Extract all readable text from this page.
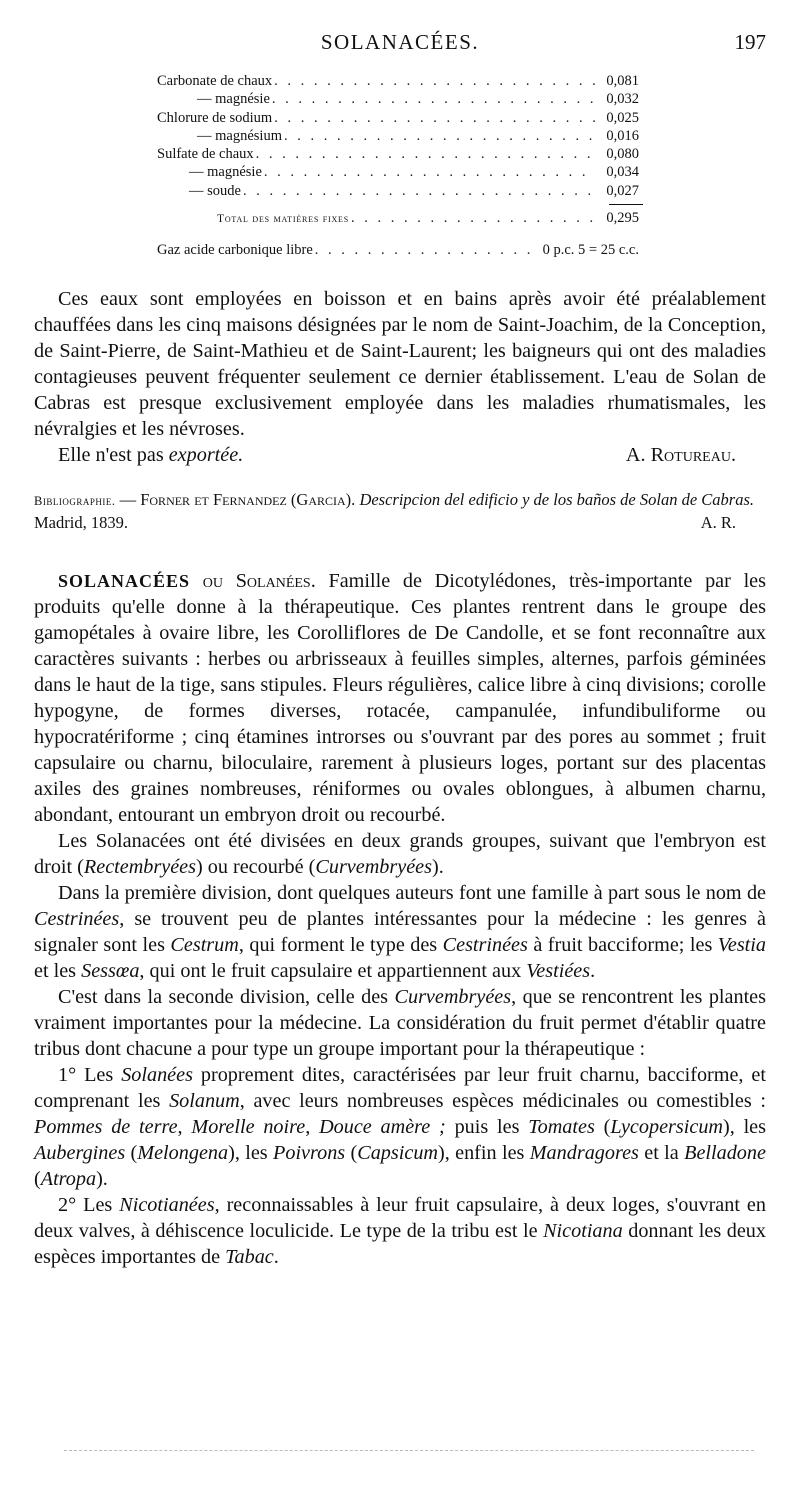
SOLANACÉES.	197
Carbonate de chaux . . .	0,081
— magnésie . . .	0,032
Chlorure de sodium . . .	0,025
— magnésium . . .	0,016
Sulfate de chaux . . .	0,080
— magnésie . . .	0,034
— soude . . .	0,027
Total des matières fixes . . .	0,295
Gaz acide carbonique libre . . .	0 p.c. 5 = 25 c.c.

Ces eaux sont employées en boisson et en bains après avoir été préalablement chauffées dans les cinq maisons désignées par le nom de Saint-Joachim, de la Conception, de Saint-Pierre, de Saint-Mathieu et de Saint-Laurent; les baigneurs qui ont des maladies contagieuses peuvent fréquenter seulement ce dernier établissement. L'eau de Solan de Cabras est presque exclusivement employée dans les maladies rhumatismales, les névralgies et les névroses.

Elle n'est pas exportée.	A. Rotureau.
Bibliographie. — Forner et Fernandez (Garcia). Descripcion del edificio y de los baños de Solan de Cabras.
Madrid, 1839.	A. R.

SOLANACÉES ou Solanées. Famille de Dicotylédones, très-importante par les produits qu'elle donne à la thérapeutique. Ces plantes rentrent dans le groupe des gamopétales à ovaire libre, les Corolliflores de De Candolle, et se font reconnaître aux caractères suivants : herbes ou arbrisseaux à feuilles simples, alternes, parfois géminées dans le haut de la tige, sans stipules. Fleurs régulières, calice libre à cinq divisions; corolle hypogyne, de formes diverses, rotacée, campanulée, infundibuliforme ou hypocratériforme ; cinq étamines introrses ou s'ouvrant par des pores au sommet ; fruit capsulaire ou charnu, biloculaire, rarement à plusieurs loges, portant sur des placentas axiles des graines nombreuses, réniformes ou ovales oblongues, à albumen charnu, abondant, entourant un embryon droit ou recourbé.

Les Solanacées ont été divisées en deux grands groupes, suivant que l'embryon est droit (Rectembryées) ou recourbé (Curvembryées).

Dans la première division, dont quelques auteurs font une famille à part sous le nom de Cestrinées, se trouvent peu de plantes intéressantes pour la médecine : les genres à signaler sont les Cestrum, qui forment le type des Cestrinées à fruit bacciforme; les Vestia et les Sessœa, qui ont le fruit capsulaire et appartiennent aux Vestiées.

C'est dans la seconde division, celle des Curvembryées, que se rencontrent les plantes vraiment importantes pour la médecine. La considération du fruit permet d'établir quatre tribus dont chacune a pour type un groupe important pour la thérapeutique :

1° Les Solanées proprement dites, caractérisées par leur fruit charnu, bacciforme, et comprenant les Solanum, avec leurs nombreuses espèces médicinales ou comestibles : Pommes de terre, Morelle noire, Douce amère ; puis les Tomates (Lycopersicum), les Aubergines (Melongena), les Poivrons (Capsicum), enfin les Mandragores et la Belladone (Atropa).

2° Les Nicotianées, reconnaissables à leur fruit capsulaire, à deux loges, s'ouvrant en deux valves, à déhiscence loculicide. Le type de la tribu est le Nicotiana donnant les deux espèces importantes de Tabac.
